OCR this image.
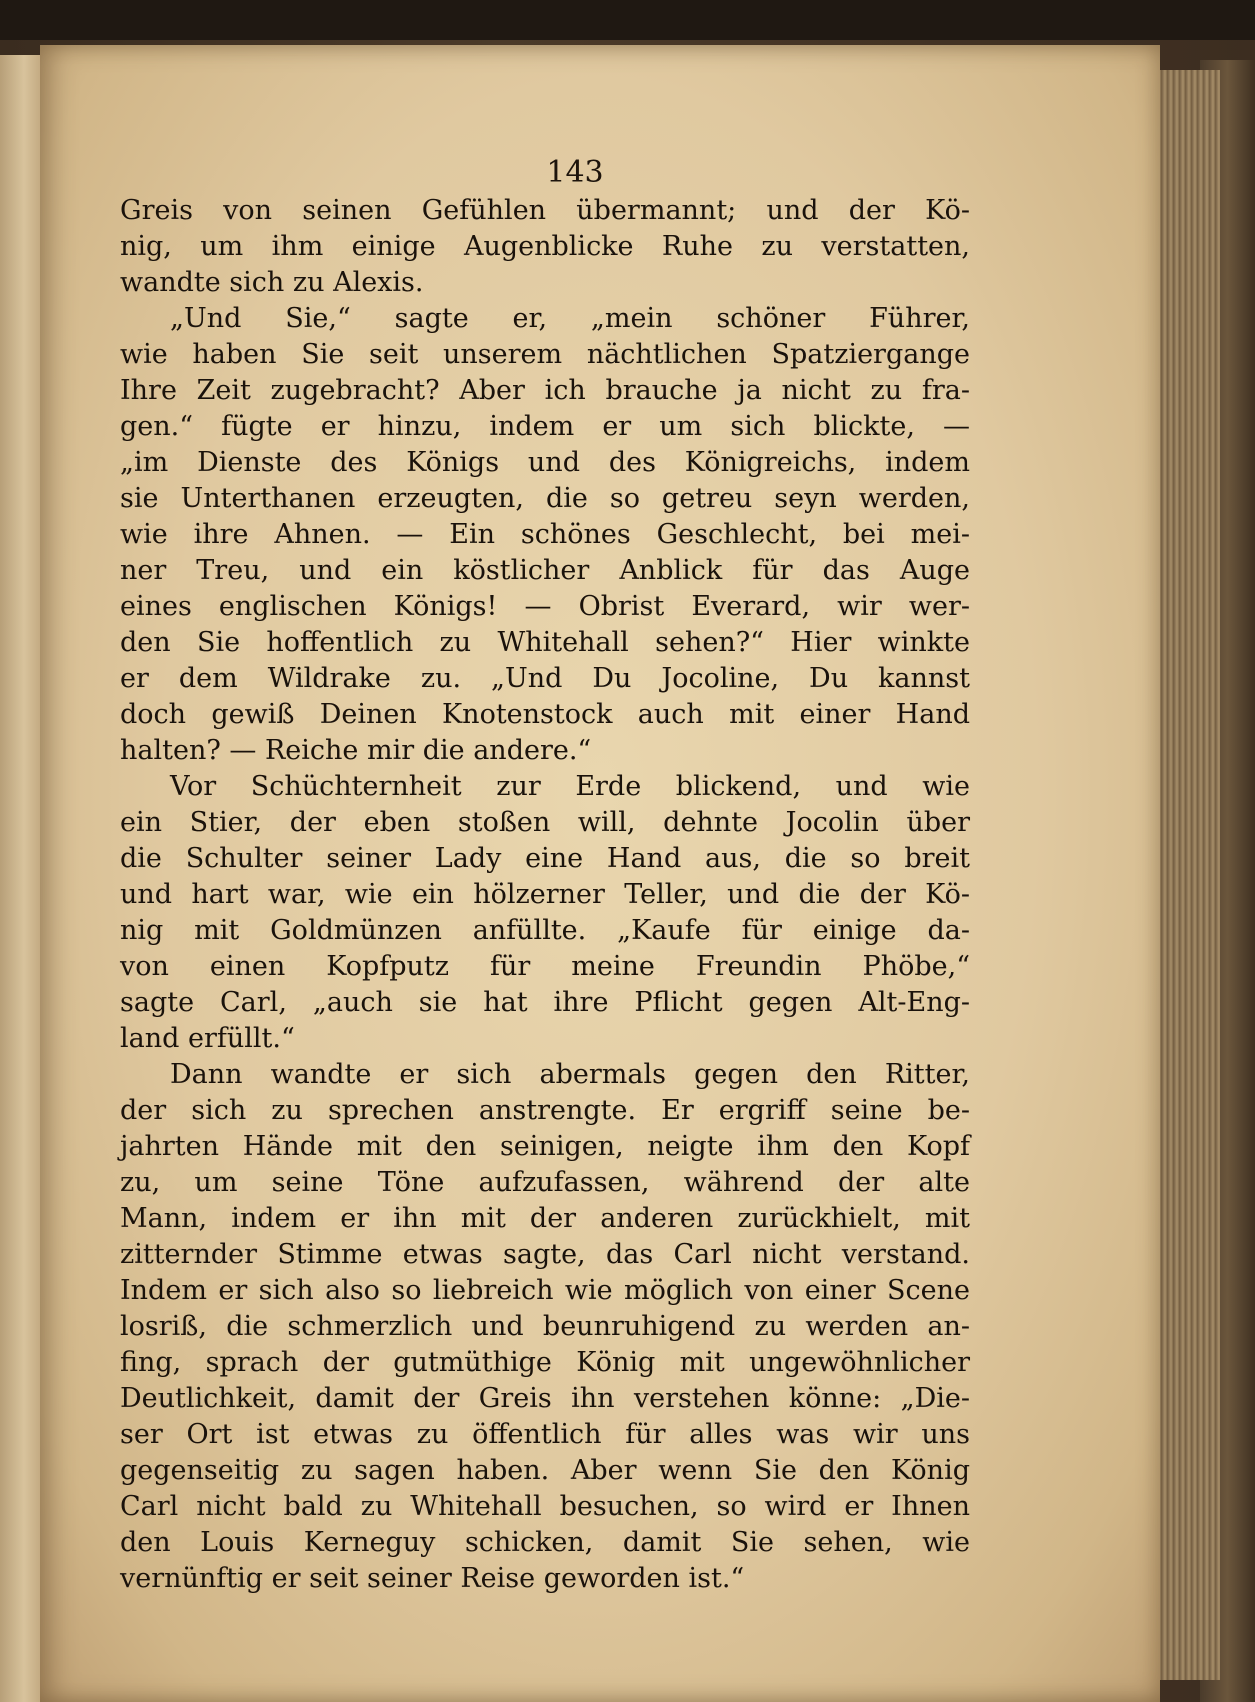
143
Greis von seinen Gefühlen übermannt; und der Kö-
nig, um ihm einige Augenblicke Ruhe zu verstatten,
wandte sich zu Alexis.
„Und Sie,“ sagte er, „mein schöner Führer,
wie haben Sie seit unserem nächtlichen Spatziergange
Ihre Zeit zugebracht? Aber ich brauche ja nicht zu fra-
gen.“ fügte er hinzu, indem er um sich blickte, —
„im Dienste des Königs und des Königreichs, indem
sie Unterthanen erzeugten, die so getreu seyn werden,
wie ihre Ahnen. — Ein schönes Geschlecht, bei mei-
ner Treu, und ein köstlicher Anblick für das Auge
eines englischen Königs! — Obrist Everard, wir wer-
den Sie hoffentlich zu Whitehall sehen?“ Hier winkte
er dem Wildrake zu. „Und Du Jocoline, Du kannst
doch gewiß Deinen Knotenstock auch mit einer Hand
halten? — Reiche mir die andere.“
Vor Schüchternheit zur Erde blickend, und wie
ein Stier, der eben stoßen will, dehnte Jocolin über
die Schulter seiner Lady eine Hand aus, die so breit
und hart war, wie ein hölzerner Teller, und die der Kö-
nig mit Goldmünzen anfüllte. „Kaufe für einige da-
von einen Kopfputz für meine Freundin Phöbe,“
sagte Carl, „auch sie hat ihre Pflicht gegen Alt-Eng-
land erfüllt.“
Dann wandte er sich abermals gegen den Ritter,
der sich zu sprechen anstrengte. Er ergriff seine be-
jahrten Hände mit den seinigen, neigte ihm den Kopf
zu, um seine Töne aufzufassen, während der alte
Mann, indem er ihn mit der anderen zurückhielt, mit
zitternder Stimme etwas sagte, das Carl nicht verstand.
Indem er sich also so liebreich wie möglich von einer Scene
losriß, die schmerzlich und beunruhigend zu werden an-
fing, sprach der gutmüthige König mit ungewöhnlicher
Deutlichkeit, damit der Greis ihn verstehen könne: „Die-
ser Ort ist etwas zu öffentlich für alles was wir uns
gegenseitig zu sagen haben. Aber wenn Sie den König
Carl nicht bald zu Whitehall besuchen, so wird er Ihnen
den Louis Kerneguy schicken, damit Sie sehen, wie
vernünftig er seit seiner Reise geworden ist.“
